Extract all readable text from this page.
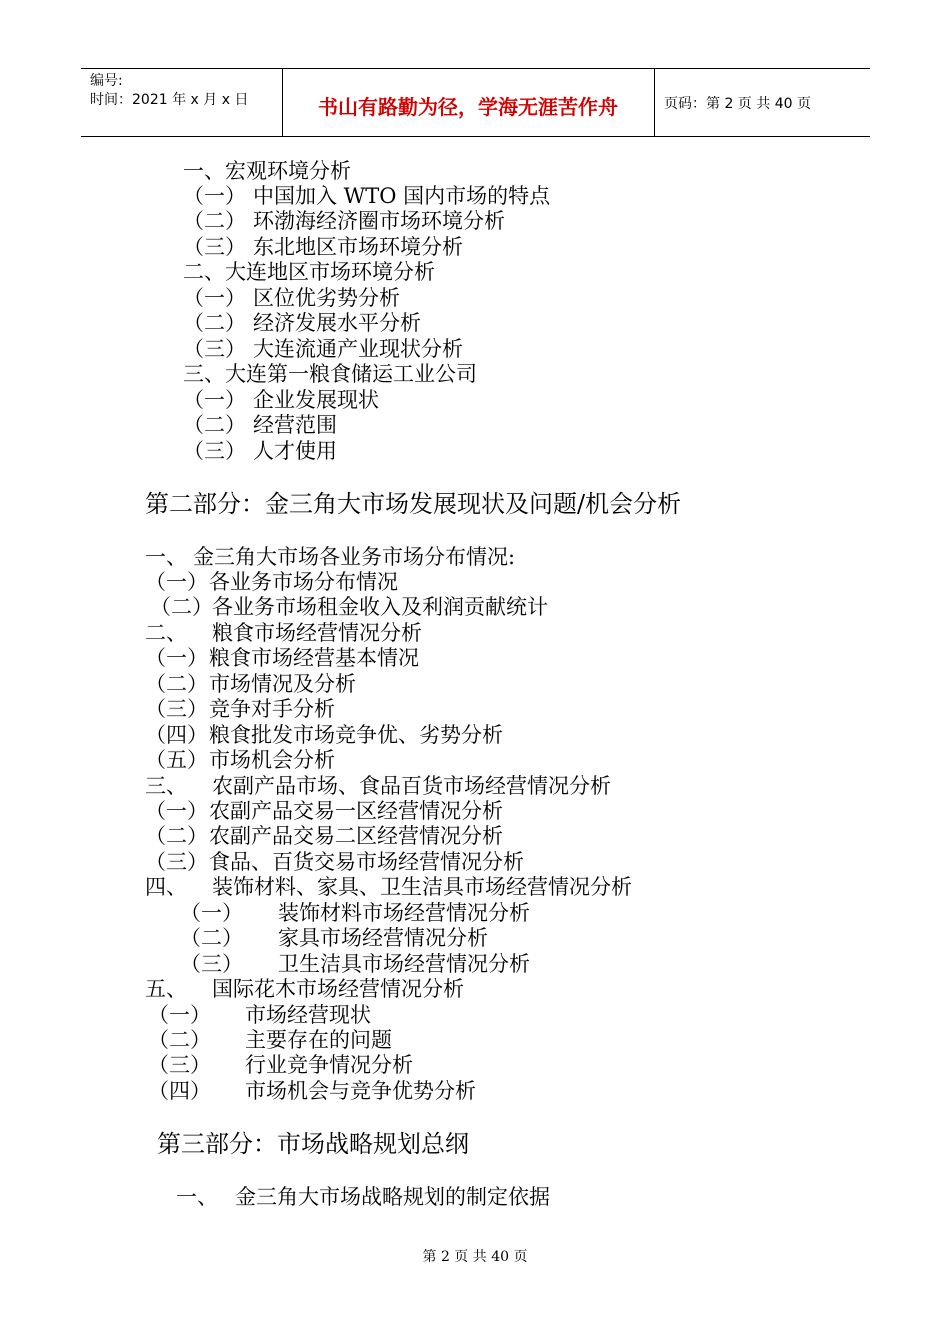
编号:
时间：2021 年 x 月 x 日	书山有路勤为径，学海无涯苦作舟	页码：第 2 页 共 40 页
一、宏观环境分析
（一） 中国加入 WTO 国内市场的特点
（二） 环渤海经济圈市场环境分析
（三） 东北地区市场环境分析
二、大连地区市场环境分析
（一） 区位优劣势分析
（二） 经济发展水平分析
（三） 大连流通产业现状分析
三、大连第一粮食储运工业公司
（一） 企业发展现状
（二） 经营范围
（三） 人才使用
第二部分：金三角大市场发展现状及问题/机会分析
一、 金三角大市场各业务市场分布情况:
（一）各业务市场分布情况
（二）各业务市场租金收入及利润贡献统计
二、 粮食市场经营情况分析
（一）粮食市场经营基本情况
（二）市场情况及分析
（三）竞争对手分析
（四）粮食批发市场竞争优、劣势分析
（五）市场机会分析
三、 农副产品市场、食品百货市场经营情况分析
（一）农副产品交易一区经营情况分析
（二）农副产品交易二区经营情况分析
（三）食品、百货交易市场经营情况分析
四、 装饰材料、家具、卫生洁具市场经营情况分析
（一） 装饰材料市场经营情况分析
（二） 家具市场经营情况分析
（三） 卫生洁具市场经营情况分析
五、 国际花木市场经营情况分析
（一） 市场经营现状
（二） 主要存在的问题
（三） 行业竞争情况分析
（四） 市场机会与竞争优势分析
第三部分：市场战略规划总纲
一、 金三角大市场战略规划的制定依据
第 2 页 共 40 页
